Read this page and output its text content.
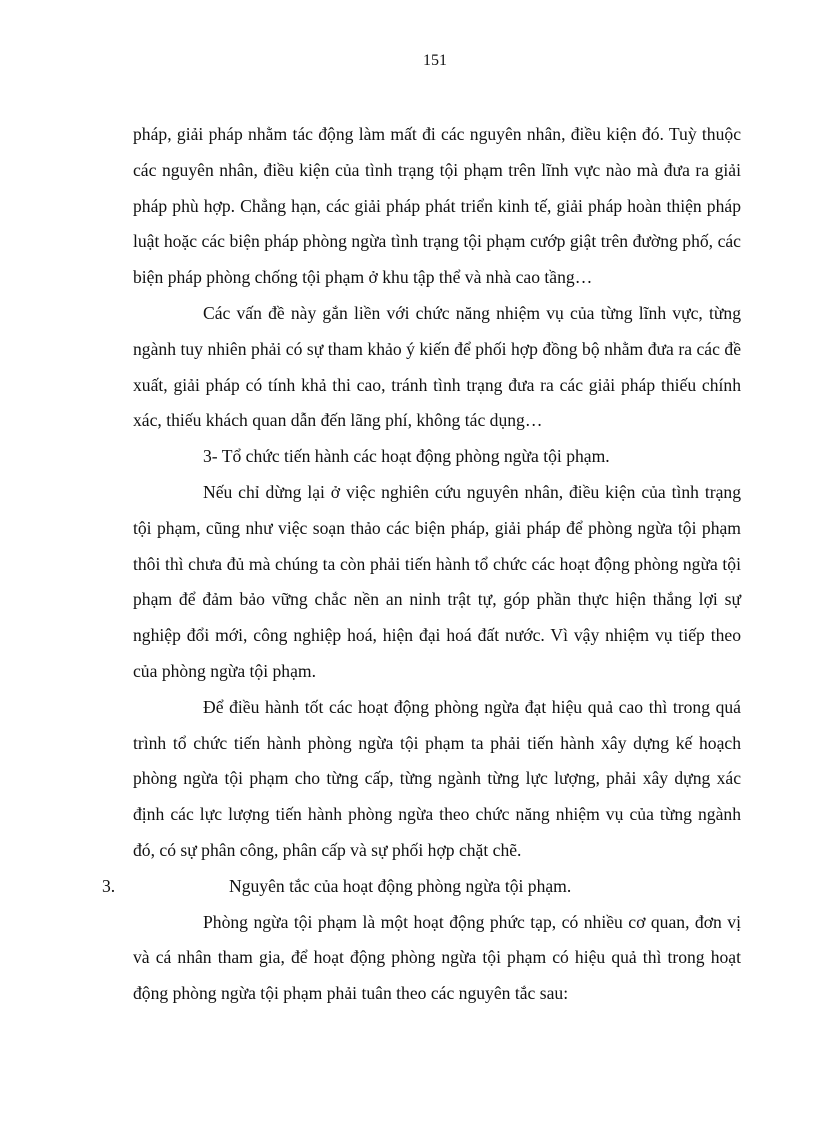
151

pháp, giải pháp nhằm tác động làm mất đi các nguyên nhân, điều kiện đó. Tuỳ thuộc các nguyên nhân, điều kiện của tình trạng tội phạm trên lĩnh vực nào mà đưa ra giải pháp phù hợp. Chẳng hạn, các giải pháp phát triển kinh tế, giải pháp hoàn thiện pháp luật hoặc các biện pháp phòng ngừa tình trạng tội phạm cướp giật trên đường phố, các biện pháp phòng chống tội phạm ở khu tập thể và nhà cao tầng…

Các vấn đề này gắn liền với chức năng nhiệm vụ của từng lĩnh vực, từng ngành tuy nhiên phải có sự tham khảo ý kiến để phối hợp đồng bộ nhằm đưa ra các đề xuất, giải pháp có tính khả thi cao, tránh tình trạng đưa ra các giải pháp thiếu chính xác, thiếu khách quan dẫn đến lãng phí, không tác dụng…

3- Tổ chức tiến hành các hoạt động phòng ngừa tội phạm.

Nếu chỉ dừng lại ở việc nghiên cứu nguyên nhân, điều kiện của tình trạng tội phạm, cũng như việc soạn thảo các biện pháp, giải pháp để phòng ngừa tội phạm thôi thì chưa đủ mà chúng ta còn phải tiến hành tổ chức các hoạt động phòng ngừa tội phạm để đảm bảo vững chắc nền an ninh trật tự, góp phần thực hiện thắng lợi sự nghiệp đổi mới, công nghiệp hoá, hiện đại hoá đất nước. Vì vậy nhiệm vụ tiếp theo của phòng ngừa tội phạm.

Để điều hành tốt các hoạt động phòng ngừa đạt hiệu quả cao thì trong quá trình tổ chức tiến hành phòng ngừa tội phạm ta phải tiến hành xây dựng kế hoạch phòng ngừa tội phạm cho từng cấp, từng ngành từng lực lượng, phải xây dựng xác định các lực lượng tiến hành phòng ngừa theo chức năng nhiệm vụ của từng ngành đó, có sự phân công, phân cấp và sự phối hợp chặt chẽ.

3.	Nguyên tắc của hoạt động phòng ngừa tội phạm.

Phòng ngừa tội phạm là một hoạt động phức tạp, có nhiều cơ quan, đơn vị và cá nhân tham gia, để hoạt động phòng ngừa tội phạm có hiệu quả thì trong hoạt động phòng ngừa tội phạm phải tuân theo các nguyên tắc sau:
